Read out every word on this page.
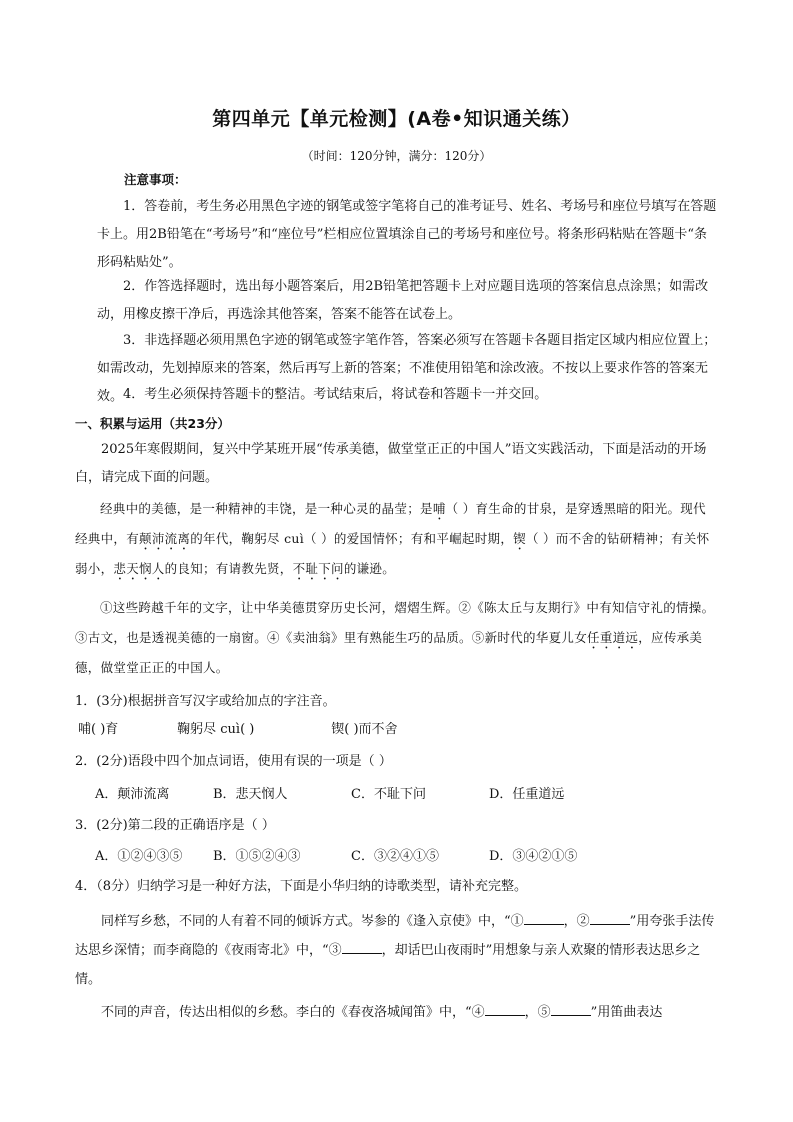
第四单元【单元检测】(A卷•知识通关练）
（时间：120分钟，满分：120分）
注意事项：
1．答卷前，考生务必用黑色字迹的钢笔或签字笔将自己的准考证号、姓名、考场号和座位号填写在答题卡上。用2B铅笔在“考场号”和“座位号”栏相应位置填涂自己的考场号和座位号。将条形码粘贴在答题卡“条形码粘贴处”。
2．作答选择题时，选出每小题答案后，用2B铅笔把答题卡上对应题目选项的答案信息点涂黑；如需改动，用橡皮擦干净后，再选涂其他答案，答案不能答在试卷上。
3．非选择题必须用黑色字迹的钢笔或签字笔作答，答案必须写在答题卡各题目指定区域内相应位置上；如需改动，先划掉原来的答案，然后再写上新的答案；不准使用铅笔和涂改液。不按以上要求作答的答案无效。 4．考生必须保持答题卡的整洁。考试结束后，将试卷和答题卡一并交回。
一、积累与运用（共23分）
2025年寒假期间，复兴中学某班开展“传承美德，做堂堂正正的中国人”语文实践活动，下面是活动的开场白，请完成下面的问题。
经典中的美德，是一种精神的丰饶，是一种心灵的晶莹；是哺（ ）育生命的甘泉，是穿透黑暗的阳光。现代经典中，有颠沛流离的年代，鞠躬尽 cuì（ ）的爱国情怀；有和平崛起时期，锲（ ）而不舍的钻研精神；有关怀弱小，悲天悯人的良知；有请教先贤，不耻下问的谦逊。
①这些跨越千年的文字，让中华美德贯穿历史长河，熠熠生辉。②《陈太丘与友期行》中有知信守礼的情操。③古文，也是透视美德的一扇窗。④《卖油翁》里有熟能生巧的品质。⑤新时代的华夏儿女任重道远，应传承美德，做堂堂正正的中国人。
1．(3分)根据拼音写汉字或给加点的字注音。
哺( )育	鞠躬尽 cuì( )	锲( )而不舍
2．(2分)语段中四个加点词语，使用有误的一项是（ ）
A．颠沛流离	B．悲天悯人	C．不耻下问	D．任重道远
3．(2分)第二段的正确语序是（ ）
A．①②④③⑤	B．①⑤②④③	C．③②④①⑤	D．③④②①⑤
4．（8分）归纳学习是一种好方法，下面是小华归纳的诗歌类型，请补充完整。
同样写乡愁，不同的人有着不同的倾诉方式。岑参的《逢入京使》中，“①	，②	”用夸张手法传达思乡深情；而李商隐的《夜雨寄北》中，“③	，却话巴山夜雨时”用想象与亲人欢聚的情形表达思乡之情。
不同的声音，传达出相似的乡愁。李白的《春夜洛城闻笛》中，“④	，⑤	”用笛曲表达
